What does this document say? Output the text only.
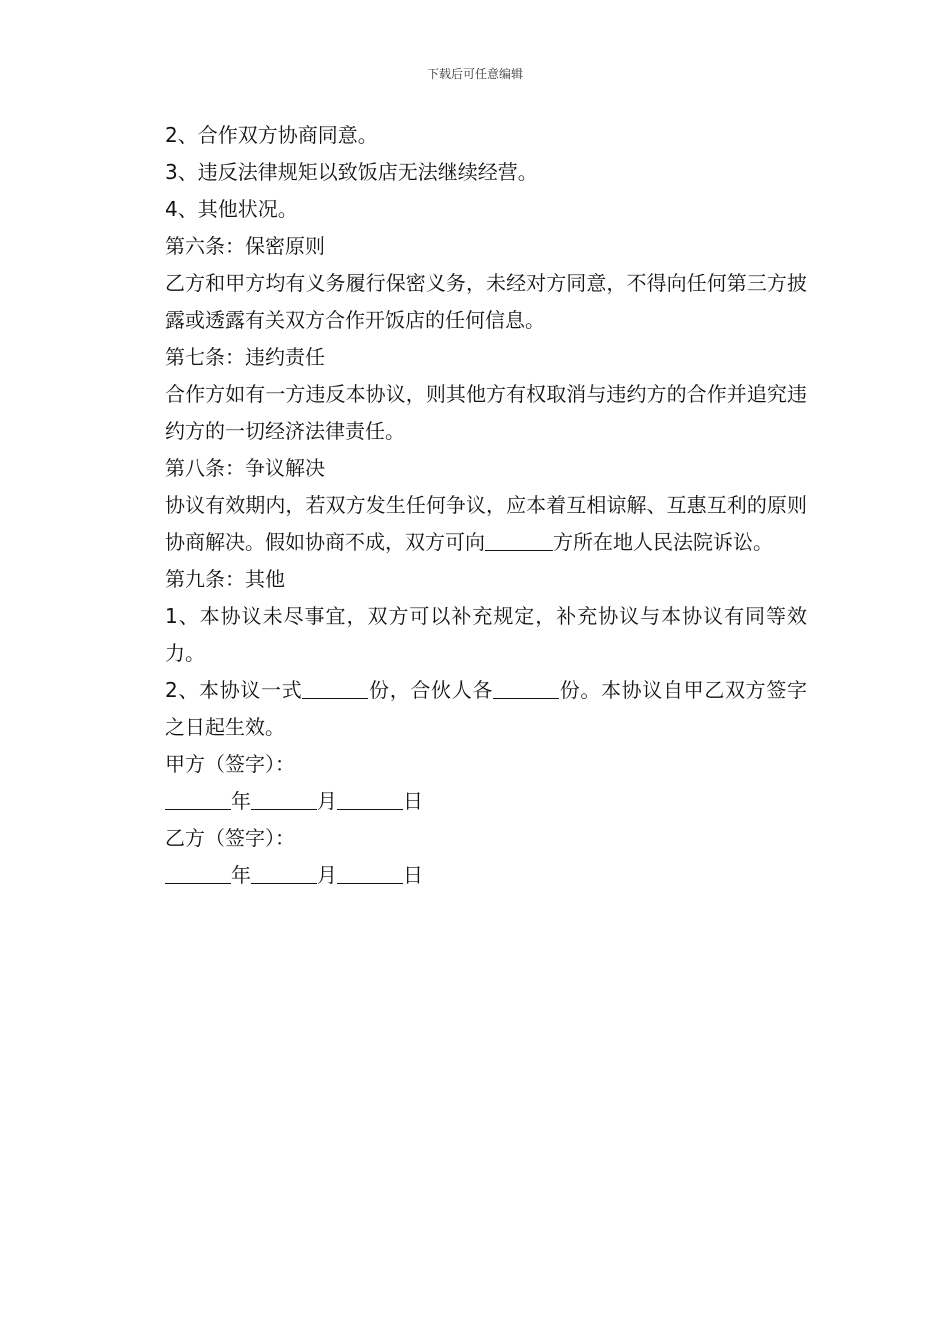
下载后可任意编辑

2、合作双方协商同意。

3、违反法律规矩以致饭店无法继续经营。

4、其他状况。

第六条：保密原则

乙方和甲方均有义务履行保密义务，未经对方同意，不得向任何第三方披露或透露有关双方合作开饭店的任何信息。

第七条：违约责任

合作方如有一方违反本协议，则其他方有权取消与违约方的合作并追究违约方的一切经济法律责任。

第八条：争议解决

协议有效期内，若双方发生任何争议，应本着互相谅解、互惠互利的原则协商解决。假如协商不成，双方可向	方所在地人民法院诉讼。

第九条：其他

1、本协议未尽事宜，双方可以补充规定，补充协议与本协议有同等效力。

2、本协议一式	份，合伙人各	份。本协议自甲乙双方签字之日起生效。

甲方（签字）：

年	月	日

乙方（签字）：

年	月	日
